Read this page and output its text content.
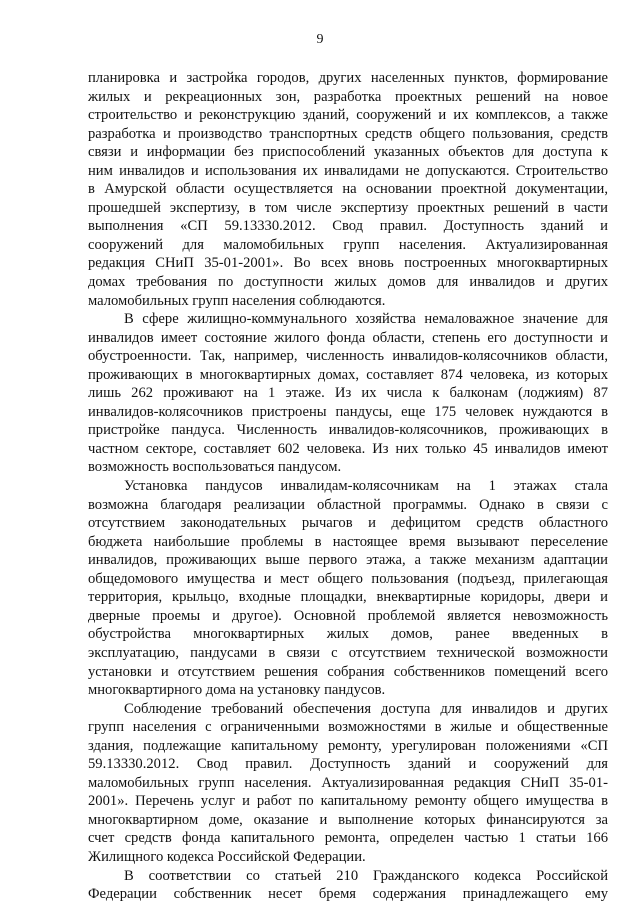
9
планировка и застройка городов, других населенных пунктов, формирование
жилых и рекреационных зон, разработка проектных решений на новое
строительство и реконструкцию зданий, сооружений и их комплексов, а также
разработка и производство транспортных средств общего пользования, средств
связи и информации без приспособлений указанных объектов для доступа к
ним инвалидов и использования их инвалидами не допускаются. Строительство
в Амурской области осуществляется на основании проектной документации,
прошедшей экспертизу, в том числе экспертизу проектных решений в части
выполнения «СП 59.13330.2012. Свод правил. Доступность зданий и
сооружений для маломобильных групп населения. Актуализированная
редакция СНиП 35-01-2001». Во всех вновь построенных многоквартирных
домах требования по доступности жилых домов для инвалидов и других
маломобильных групп населения соблюдаются.
В сфере жилищно-коммунального хозяйства немаловажное значение для
инвалидов имеет состояние жилого фонда области, степень его доступности и
обустроенности. Так, например, численность инвалидов-колясочников области,
проживающих в многоквартирных домах, составляет 874 человека, из которых
лишь 262 проживают на 1 этаже. Из их числа к балконам (лоджиям) 87
инвалидов-колясочников пристроены пандусы, еще 175 человек нуждаются в
пристройке пандуса. Численность инвалидов-колясочников, проживающих в
частном секторе, составляет 602 человека. Из них только 45 инвалидов имеют
возможность воспользоваться пандусом.
Установка пандусов инвалидам-колясочникам на 1 этажах стала
возможна благодаря реализации областной программы. Однако в связи с
отсутствием законодательных рычагов и дефицитом средств областного
бюджета наибольшие проблемы в настоящее время вызывают переселение
инвалидов, проживающих выше первого этажа, а также механизм адаптации
общедомового имущества и мест общего пользования (подъезд, прилегающая
территория, крыльцо, входные площадки, внеквартирные коридоры, двери и
дверные проемы и другое). Основной проблемой является невозможность
обустройства многоквартирных жилых домов, ранее введенных в
эксплуатацию, пандусами в связи с отсутствием технической возможности
установки и отсутствием решения собрания собственников помещений всего
многоквартирного дома на установку пандусов.
Соблюдение требований обеспечения доступа для инвалидов и других
групп населения с ограниченными возможностями в жилые и общественные
здания, подлежащие капитальному ремонту, урегулирован положениями «СП
59.13330.2012. Свод правил. Доступность зданий и сооружений для
маломобильных групп населения. Актуализированная редакция СНиП 35-01-
2001». Перечень услуг и работ по капитальному ремонту общего имущества в
многоквартирном доме, оказание и выполнение которых финансируются за
счет средств фонда капитального ремонта, определен частью 1 статьи 166
Жилищного кодекса Российской Федерации.
В соответствии со статьей 210 Гражданского кодекса Российской
Федерации собственник несет бремя содержания принадлежащего ему
